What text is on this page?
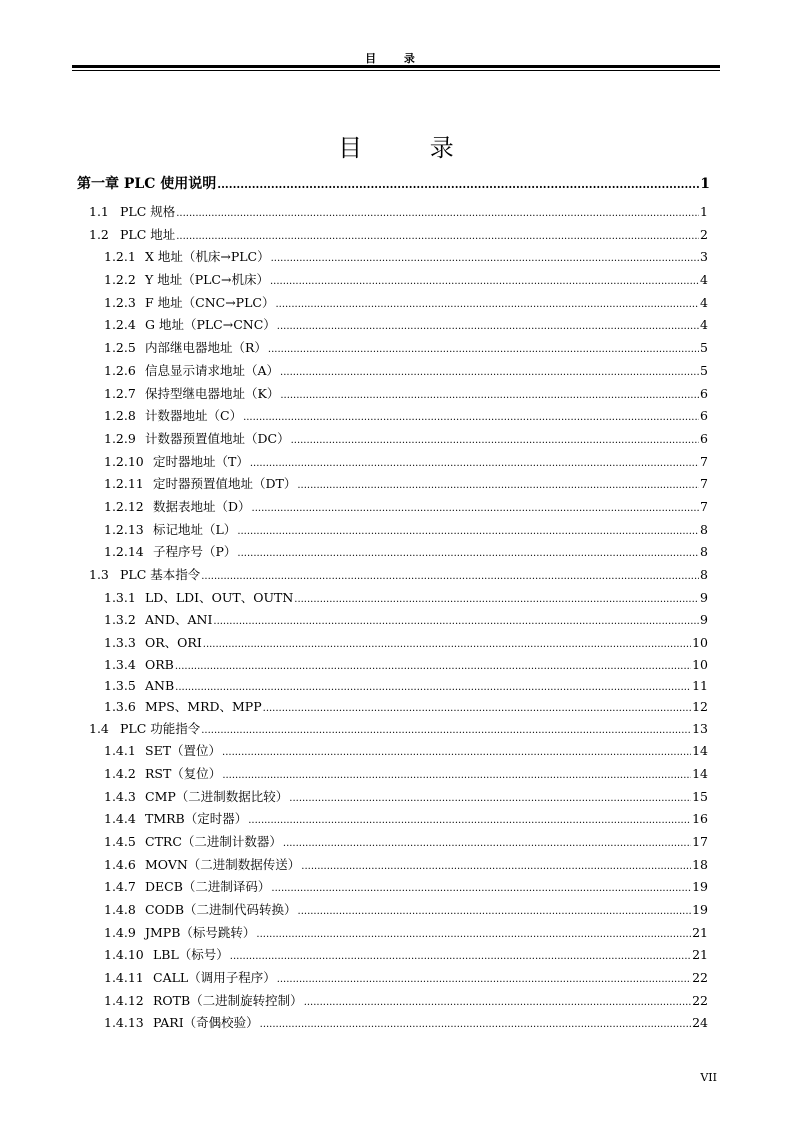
目 录
目 录
第一章 PLC 使用说明 .....	1
1.1 PLC 规格 .....	1
1.2 PLC 地址 .....	2
1.2.1 X 地址（机床→PLC） .....	3
1.2.2 Y 地址（PLC→机床） .....	4
1.2.3 F 地址（CNC→PLC） .....	4
1.2.4 G 地址（PLC→CNC） .....	4
1.2.5 内部继电器地址（R） .....	5
1.2.6 信息显示请求地址（A） .....	5
1.2.7 保持型继电器地址（K） .....	6
1.2.8 计数器地址（C） .....	6
1.2.9 计数器预置值地址（DC） .....	6
1.2.10 定时器地址（T） .....	7
1.2.11 定时器预置值地址（DT） .....	7
1.2.12 数据表地址（D） .....	7
1.2.13 标记地址（L） .....	8
1.2.14 子程序号（P） .....	8
1.3 PLC 基本指令 .....	8
1.3.1 LD、LDI、OUT、OUTN .....	9
1.3.2 AND、ANI .....	9
1.3.3 OR、ORI .....	10
1.3.4 ORB .....	10
1.3.5 ANB .....	11
1.3.6 MPS、MRD、MPP .....	12
1.4 PLC 功能指令 .....	13
1.4.1 SET（置位） .....	14
1.4.2 RST（复位） .....	14
1.4.3 CMP（二进制数据比较） .....	15
1.4.4 TMRB（定时器） .....	16
1.4.5 CTRC（二进制计数器） .....	17
1.4.6 MOVN（二进制数据传送） .....	18
1.4.7 DECB（二进制译码） .....	19
1.4.8 CODB（二进制代码转换） .....	19
1.4.9 JMPB（标号跳转） .....	21
1.4.10 LBL（标号） .....	21
1.4.11 CALL（调用子程序） .....	22
1.4.12 ROTB（二进制旋转控制） .....	22
1.4.13 PARI（奇偶校验） .....	24
VII
